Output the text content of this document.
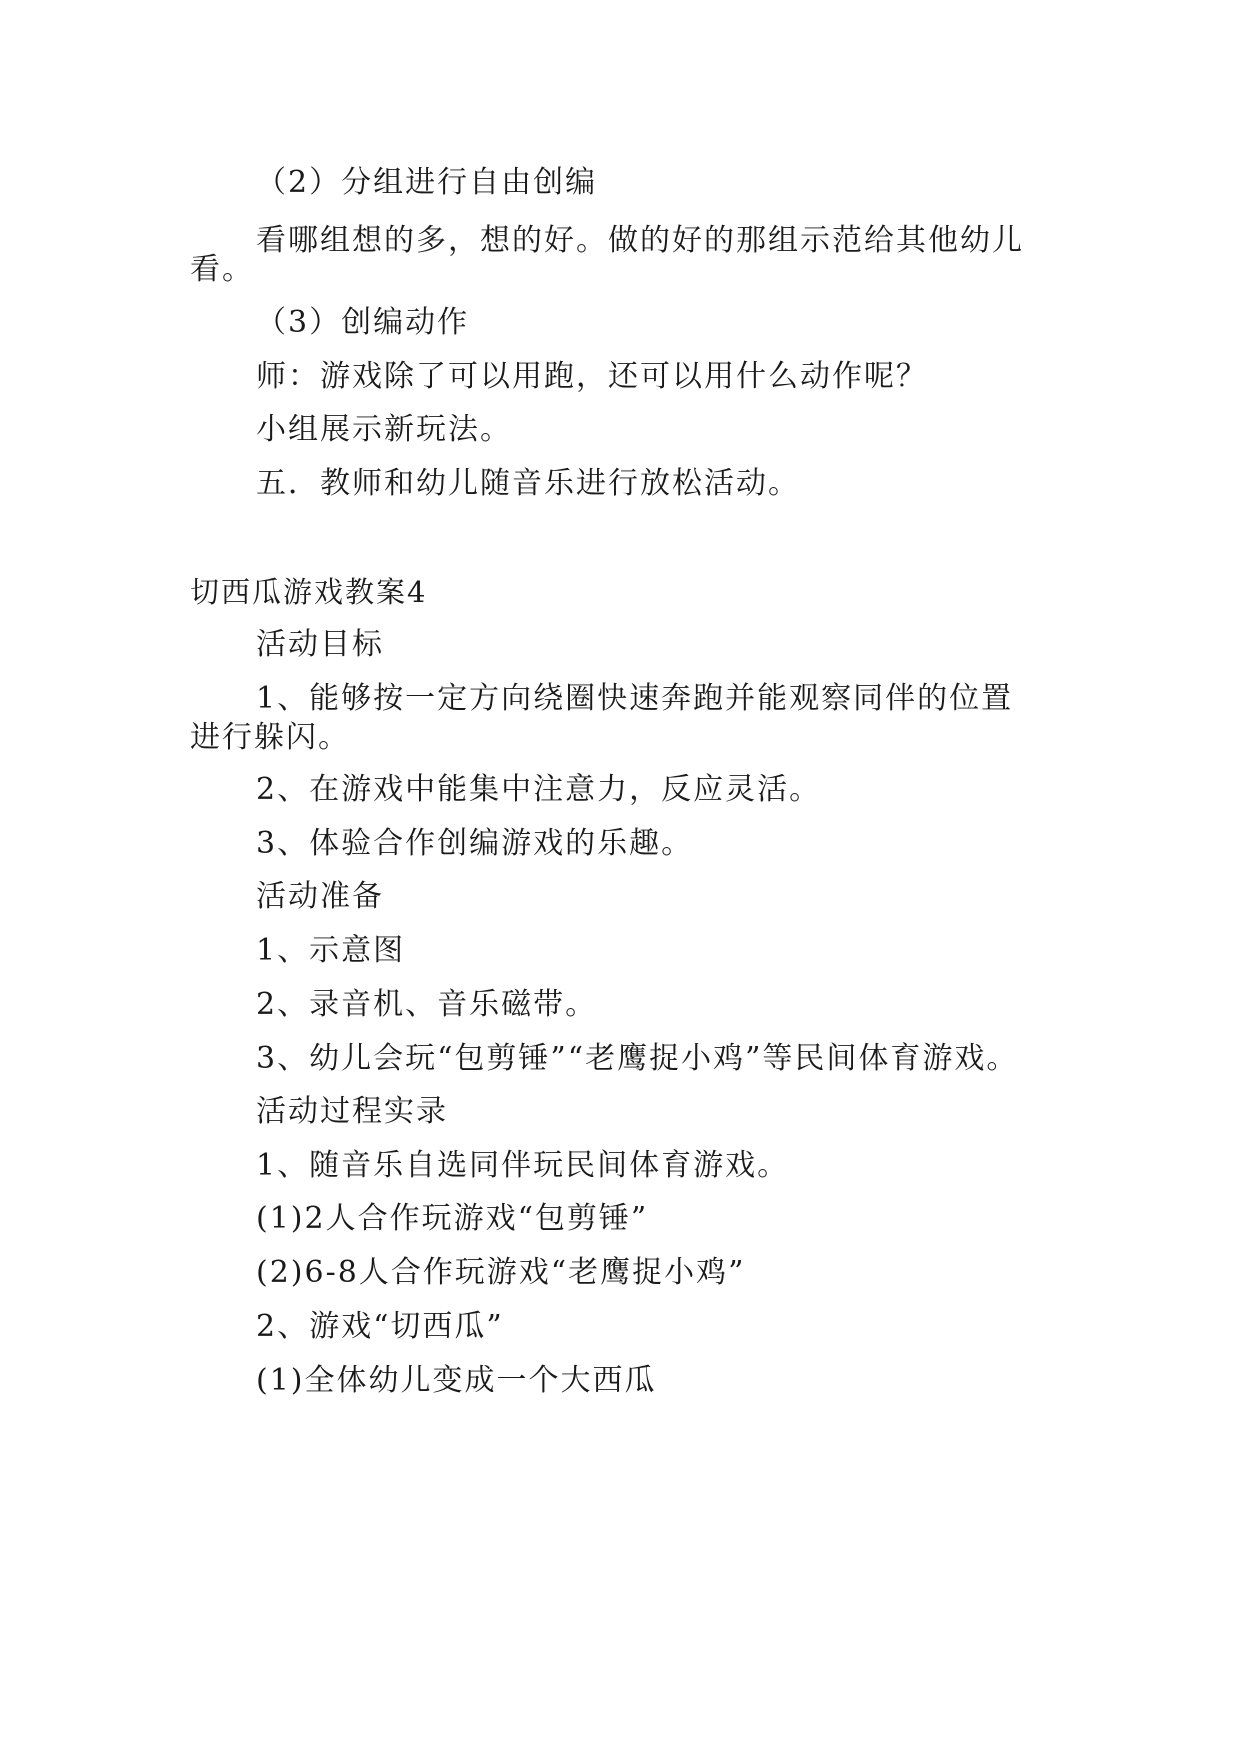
（2）分组进行自由创编
看哪组想的多，想的好。做的好的那组示范给其他幼儿
看。
（3）创编动作
师：游戏除了可以用跑，还可以用什么动作呢？
小组展示新玩法。
五．教师和幼儿随音乐进行放松活动。
切西瓜游戏教案4
活动目标
1、能够按一定方向绕圈快速奔跑并能观察同伴的位置
进行躲闪。
2、在游戏中能集中注意力，反应灵活。
3、体验合作创编游戏的乐趣。
活动准备
1、示意图
2、录音机、音乐磁带。
3、幼儿会玩“包剪锤”“老鹰捉小鸡”等民间体育游戏。
活动过程实录
1、随音乐自选同伴玩民间体育游戏。
(1)2人合作玩游戏“包剪锤”
(2)6-8人合作玩游戏“老鹰捉小鸡”
2、游戏“切西瓜”
(1)全体幼儿变成一个大西瓜
